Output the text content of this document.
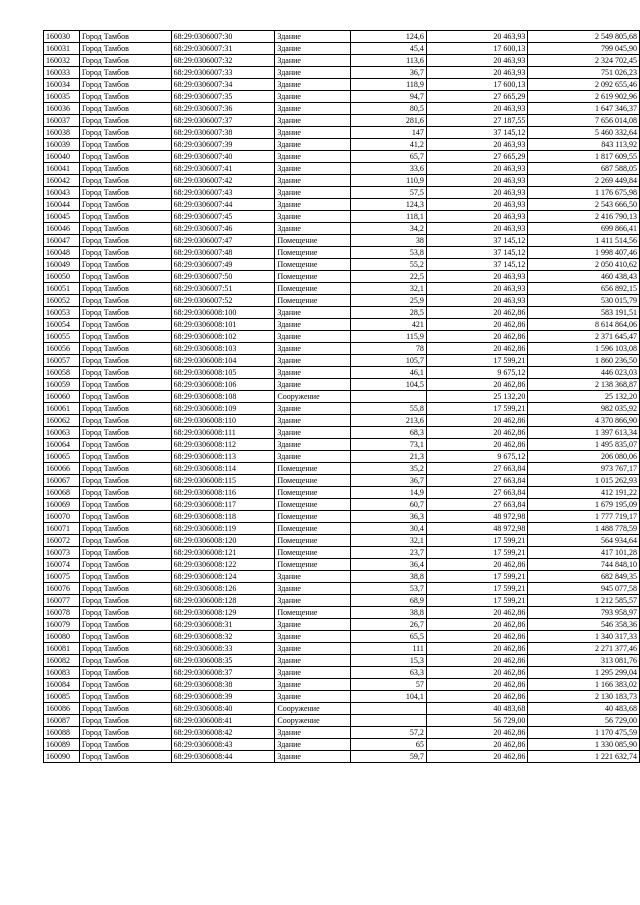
160030	Город Тамбов	68:29:0306007:30	Здание	124,6	20 463,93	2 549 805,68
160031	Город Тамбов	68:29:0306007:31	Здание	45,4	17 600,13	799 045,90
160032	Город Тамбов	68:29:0306007:32	Здание	113,6	20 463,93	2 324 702,45
160033	Город Тамбов	68:29:0306007:33	Здание	36,7	20 463,93	751 026,23
160034	Город Тамбов	68:29:0306007:34	Здание	118,9	17 600,13	2 092 655,46
160035	Город Тамбов	68:29:0306007:35	Здание	94,7	27 665,29	2 619 902,96
160036	Город Тамбов	68:29:0306007:36	Здание	80,5	20 463,93	1 647 346,37
160037	Город Тамбов	68:29:0306007:37	Здание	281,6	27 187,55	7 656 014,08
160038	Город Тамбов	68:29:0306007:38	Здание	147	37 145,12	5 460 332,64
160039	Город Тамбов	68:29:0306007:39	Здание	41,2	20 463,93	843 113,92
160040	Город Тамбов	68:29:0306007:40	Здание	65,7	27 665,29	1 817 609,55
160041	Город Тамбов	68:29:0306007:41	Здание	33,6	20 463,93	687 588,05
160042	Город Тамбов	68:29:0306007:42	Здание	110,9	20 463,93	2 269 449,84
160043	Город Тамбов	68:29:0306007:43	Здание	57,5	20 463,93	1 176 675,98
160044	Город Тамбов	68:29:0306007:44	Здание	124,3	20 463,93	2 543 666,50
160045	Город Тамбов	68:29:0306007:45	Здание	118,1	20 463,93	2 416 790,13
160046	Город Тамбов	68:29:0306007:46	Здание	34,2	20 463,93	699 866,41
160047	Город Тамбов	68:29:0306007:47	Помещение	38	37 145,12	1 411 514,56
160048	Город Тамбов	68:29:0306007:48	Помещение	53,8	37 145,12	1 998 407,46
160049	Город Тамбов	68:29:0306007:49	Помещение	55,2	37 145,12	2 050 410,62
160050	Город Тамбов	68:29:0306007:50	Помещение	22,5	20 463,93	460 438,43
160051	Город Тамбов	68:29:0306007:51	Помещение	32,1	20 463,93	656 892,15
160052	Город Тамбов	68:29:0306007:52	Помещение	25,9	20 463,93	530 015,79
160053	Город Тамбов	68:29:0306008:100	Здание	28,5	20 462,86	583 191,51
160054	Город Тамбов	68:29:0306008:101	Здание	421	20 462,86	8 614 864,06
160055	Город Тамбов	68:29:0306008:102	Здание	115,9	20 462,86	2 371 645,47
160056	Город Тамбов	68:29:0306008:103	Здание	78	20 462,86	1 596 103,08
160057	Город Тамбов	68:29:0306008:104	Здание	105,7	17 599,21	1 860 236,50
160058	Город Тамбов	68:29:0306008:105	Здание	46,1	9 675,12	446 023,03
160059	Город Тамбов	68:29:0306008:106	Здание	104,5	20 462,86	2 138 368,87
160060	Город Тамбов	68:29:0306008:108	Сооружение		25 132,20	25 132,20
160061	Город Тамбов	68:29:0306008:109	Здание	55,8	17 599,21	982 035,92
160062	Город Тамбов	68:29:0306008:110	Здание	213,6	20 462,86	4 370 866,90
160063	Город Тамбов	68:29:0306008:111	Здание	68,3	20 462,86	1 397 613,34
160064	Город Тамбов	68:29:0306008:112	Здание	73,1	20 462,86	1 495 835,07
160065	Город Тамбов	68:29:0306008:113	Здание	21,3	9 675,12	206 080,06
160066	Город Тамбов	68:29:0306008:114	Помещение	35,2	27 663,84	973 767,17
160067	Город Тамбов	68:29:0306008:115	Помещение	36,7	27 663,84	1 015 262,93
160068	Город Тамбов	68:29:0306008:116	Помещение	14,9	27 663,84	412 191,22
160069	Город Тамбов	68:29:0306008:117	Помещение	60,7	27 663,84	1 679 195,09
160070	Город Тамбов	68:29:0306008:118	Помещение	36,3	48 972,98	1 777 719,17
160071	Город Тамбов	68:29:0306008:119	Помещение	30,4	48 972,98	1 488 778,59
160072	Город Тамбов	68:29:0306008:120	Помещение	32,1	17 599,21	564 934,64
160073	Город Тамбов	68:29:0306008:121	Помещение	23,7	17 599,21	417 101,28
160074	Город Тамбов	68:29:0306008:122	Помещение	36,4	20 462,86	744 848,10
160075	Город Тамбов	68:29:0306008:124	Здание	38,8	17 599,21	682 849,35
160076	Город Тамбов	68:29:0306008:126	Здание	53,7	17 599,21	945 077,58
160077	Город Тамбов	68:29:0306008:128	Здание	68,9	17 599,21	1 212 585,57
160078	Город Тамбов	68:29:0306008:129	Помещение	38,8	20 462,86	793 958,97
160079	Город Тамбов	68:29:0306008:31	Здание	26,7	20 462,86	546 358,36
160080	Город Тамбов	68:29:0306008:32	Здание	65,5	20 462,86	1 340 317,33
160081	Город Тамбов	68:29:0306008:33	Здание	111	20 462,86	2 271 377,46
160082	Город Тамбов	68:29:0306008:35	Здание	15,3	20 462,86	313 081,76
160083	Город Тамбов	68:29:0306008:37	Здание	63,3	20 462,86	1 295 299,04
160084	Город Тамбов	68:29:0306008:38	Здание	57	20 462,86	1 166 383,02
160085	Город Тамбов	68:29:0306008:39	Здание	104,1	20 462,86	2 130 183,73
160086	Город Тамбов	68:29:0306008:40	Сооружение		40 483,68	40 483,68
160087	Город Тамбов	68:29:0306008:41	Сооружение		56 729,00	56 729,00
160088	Город Тамбов	68:29:0306008:42	Здание	57,2	20 462,86	1 170 475,59
160089	Город Тамбов	68:29:0306008:43	Здание	65	20 462,86	1 330 085,90
160090	Город Тамбов	68:29:0306008:44	Здание	59,7	20 462,86	1 221 632,74
